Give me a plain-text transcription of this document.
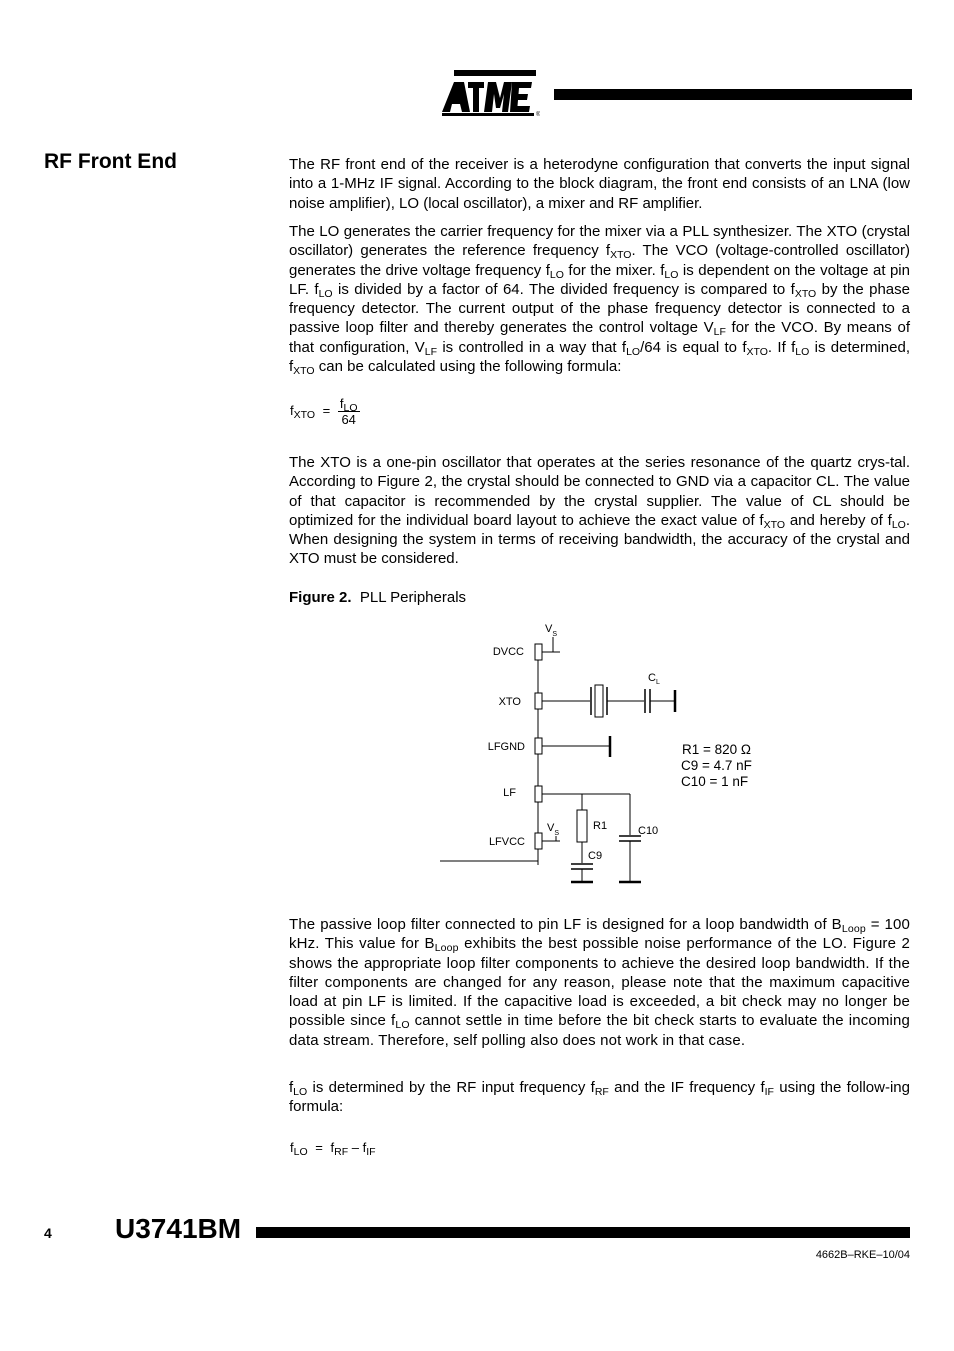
®
RF Front End	The RF front end of the receiver is a heterodyne configuration that converts the input signal into a 1-MHz IF signal. According to the block diagram, the front end consists of an LNA (low noise amplifier), LO (local oscillator), a mixer and RF amplifier.

The LO generates the carrier frequency for the mixer via a PLL synthesizer. The XTO (crystal oscillator) generates the reference frequency $f_{XTO}$. The VCO (voltage-controlled oscillator) generates the drive voltage frequency $f_{LO}$ for the mixer. $f_{LO}$ is dependent on the voltage at pin LF. $f_{LO}$ is divided by a factor of 64. The divided frequency is compared to $f_{XTO}$ by the phase frequency detector. The current output of the phase frequency detector is connected to a passive loop filter and thereby generates the control voltage $V_{LF}$ for the VCO. By means of that configuration, $V_{LF}$ is controlled in a way that $f_{LO}/64$ is equal to $f_{XTO}$. If $f_{LO}$ is determined, $f_{XTO}$ can be calculated using the following formula:

$f_{XTO} = \frac{f_{LO}}{64}$

The XTO is a one-pin oscillator that operates at the series resonance of the quartz crys-tal. According to Figure 2, the crystal should be connected to GND via a capacitor CL. The value of that capacitor is recommended by the crystal supplier. The value of CL should be optimized for the individual board layout to achieve the exact value of $f_{XTO}$ and hereby of $f_{LO}$. When designing the system in terms of receiving bandwidth, the accuracy of the crystal and XTO must be considered.

Figure 2. PLL Peripherals
$V_S$
DVCC
XTO
LFGND
LF
LFVCC
$C_L$
R1
C9
C10
$V_S$
R1 = 820 Ω
C9 = 4.7 nF
C10 = 1 nF

The passive loop filter connected to pin LF is designed for a loop bandwidth of $B_{Loop} = 100$ kHz. This value for $B_{Loop}$ exhibits the best possible noise performance of the LO. Figure 2 shows the appropriate loop filter components to achieve the desired loop bandwidth. If the filter components are changed for any reason, please note that the maximum capacitive load at pin LF is limited. If the capacitive load is exceeded, a bit check may no longer be possible since $f_{LO}$ cannot settle in time before the bit check starts to evaluate the incoming data stream. Therefore, self polling also does not work in that case.

$f_{LO}$ is determined by the RF input frequency $f_{RF}$ and the IF frequency $f_{IF}$ using the follow-ing formula:

$f_{LO} = f_{RF} - f_{IF}$
4 U3741BM
4662B–RKE–10/04
